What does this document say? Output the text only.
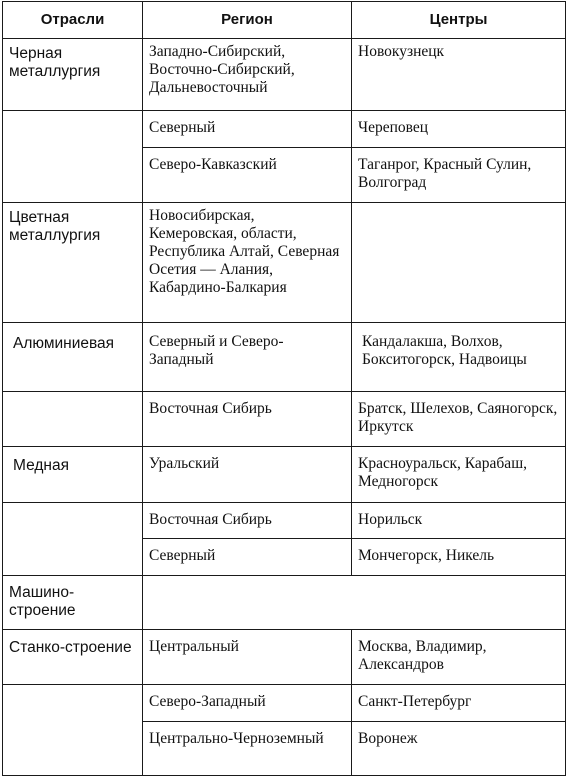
Отрасли	Регион	Центры
Черная металлургия	Западно-Сибирский, Восточно-Сибирский, Дальневосточный	Новокузнецк
	Северный	Череповец
	Северо-Кавказский	Таганрог, Красный Сулин, Волгоград
Цветная металлургия	Новосибирская, Кемеровская, области, Республика Алтай, Северная Осетия — Алания, Кабардино-Балкария	
Алюминиевая	Северный и Северо-Западный	Кандалакша, Волхов, Бокситогорск, Надвоицы
	Восточная Сибирь	Братск, Шелехов, Саяногорск, Иркутск
Медная	Уральский	Красноуральск, Карабаш, Медногорск
	Восточная Сибирь	Норильск
	Северный	Мончегорск, Никель
Машино-строение		
Станко-строение	Центральный	Москва, Владимир, Александров
	Северо-Западный	Санкт-Петербург
	Центрально-Черноземный	Воронеж
